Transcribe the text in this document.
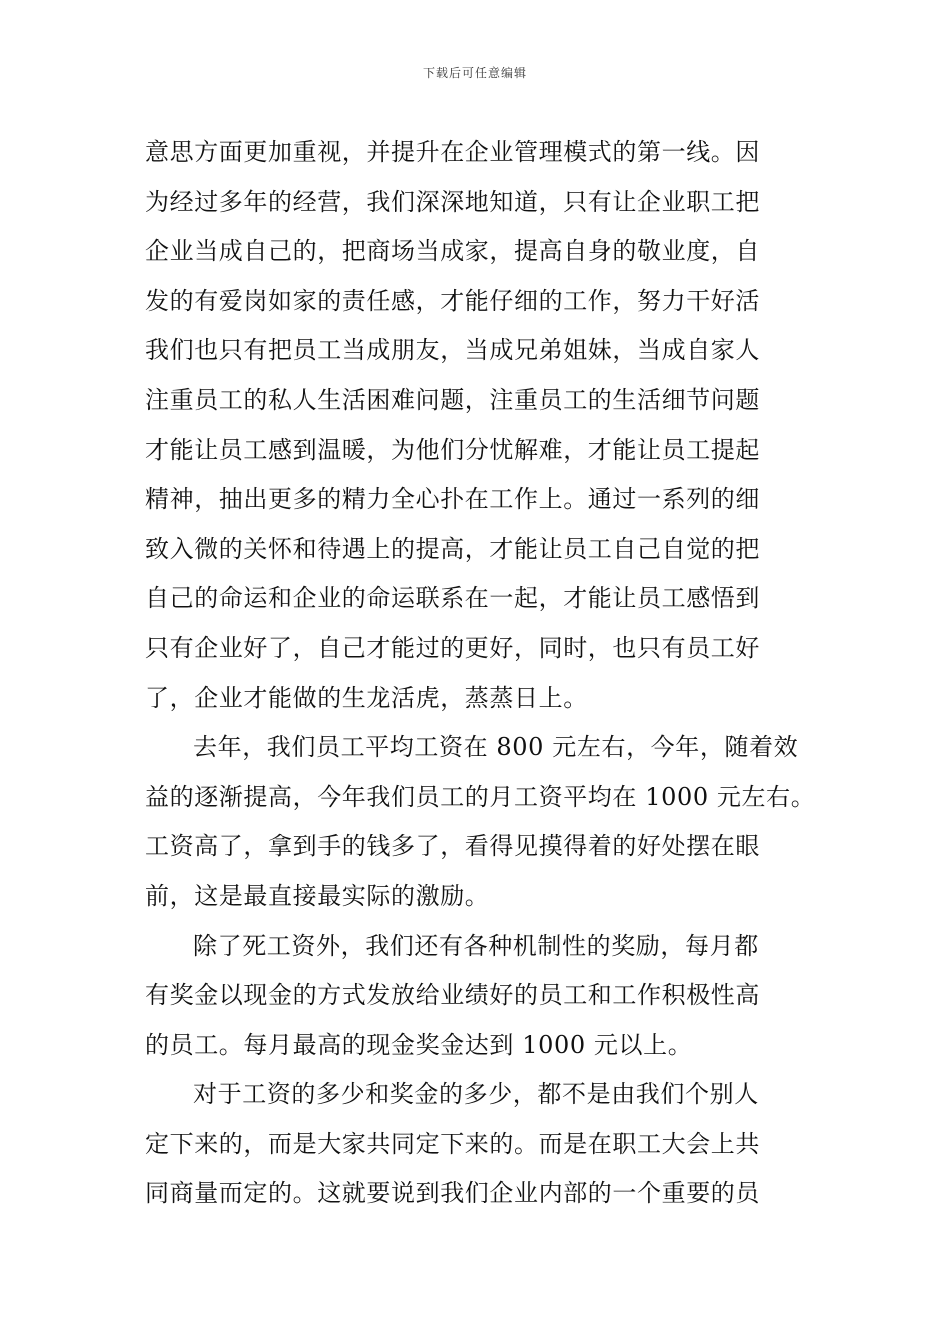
下载后可任意编辑
意思方面更加重视，并提升在企业管理模式的第一线。因
为经过多年的经营，我们深深地知道，只有让企业职工把
企业当成自己的，把商场当成家，提高自身的敬业度，自
发的有爱岗如家的责任感，才能仔细的工作，努力干好活
我们也只有把员工当成朋友，当成兄弟姐妹，当成自家人
注重员工的私人生活困难问题，注重员工的生活细节问题
才能让员工感到温暖，为他们分忧解难，才能让员工提起
精神，抽出更多的精力全心扑在工作上。通过一系列的细
致入微的关怀和待遇上的提高，才能让员工自己自觉的把
自己的命运和企业的命运联系在一起，才能让员工感悟到
只有企业好了，自己才能过的更好，同时，也只有员工好
了，企业才能做的生龙活虎，蒸蒸日上。
去年，我们员工平均工资在 800 元左右，今年，随着效
益的逐渐提高，今年我们员工的月工资平均在 1000 元左右。
工资高了，拿到手的钱多了，看得见摸得着的好处摆在眼
前，这是最直接最实际的激励。
除了死工资外，我们还有各种机制性的奖励，每月都
有奖金以现金的方式发放给业绩好的员工和工作积极性高
的员工。每月最高的现金奖金达到 1000 元以上。
对于工资的多少和奖金的多少，都不是由我们个别人
定下来的，而是大家共同定下来的。而是在职工大会上共
同商量而定的。这就要说到我们企业内部的一个重要的员
